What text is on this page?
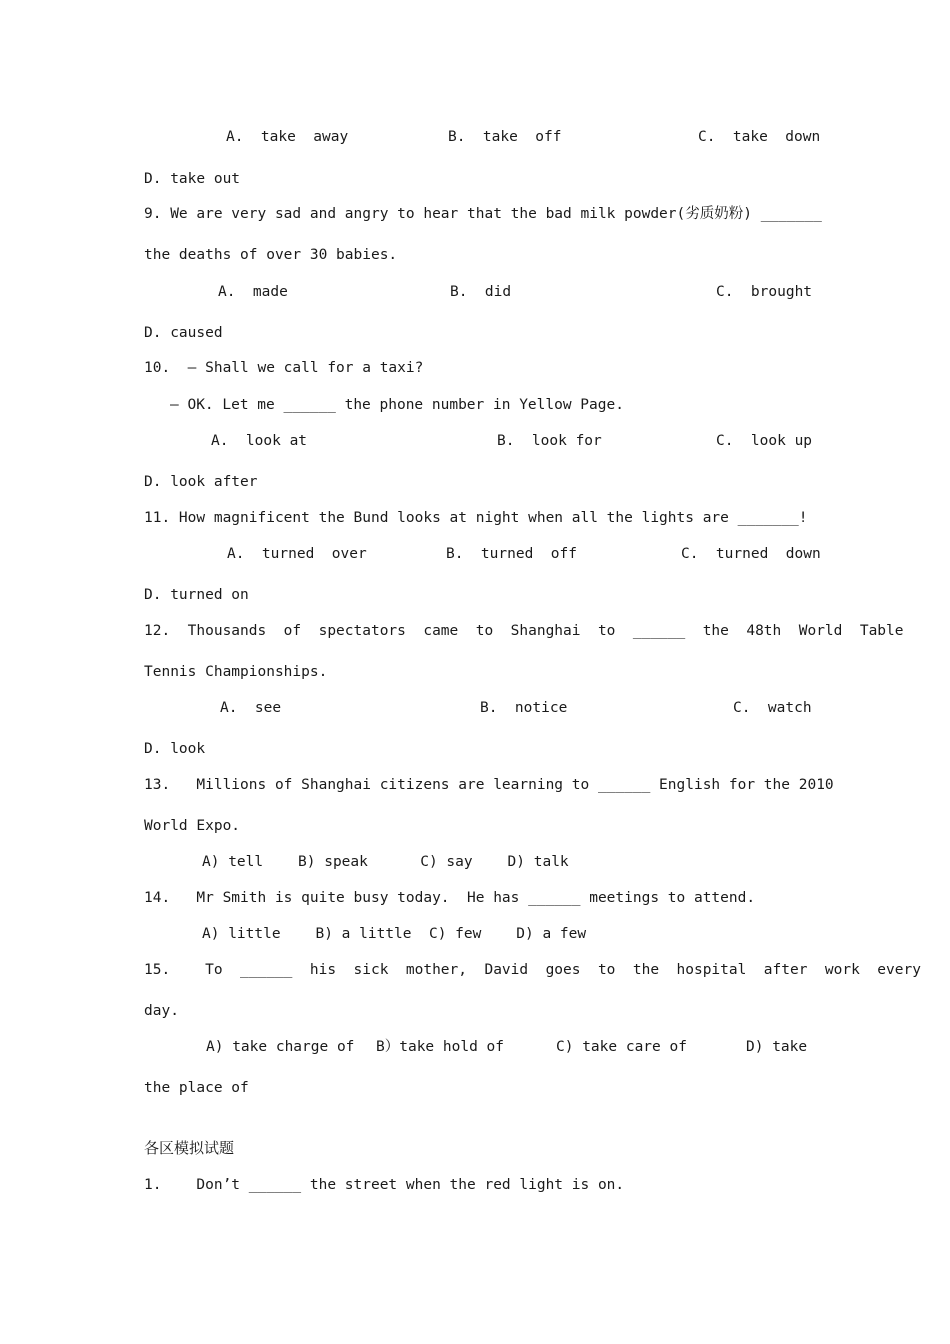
A.  take  away	B.  take  off	C.  take  down
D. take out
9. We are very sad and angry to hear that the bad milk powder(劣质奶粉) _______
the deaths of over 30 babies.
A.  made	B.  did	C.  brought
D. caused
10.  – Shall we call for a taxi?
– OK. Let me ______ the phone number in Yellow Page.
A.  look at	B.  look for	C.  look up
D. look after
11. How magnificent the Bund looks at night when all the lights are _______!
A.  turned  over	B.  turned  off	C.  turned  down
D. turned on
12.  Thousands  of  spectators  came  to  Shanghai  to  ______  the  48th  World  Table
Tennis Championships.
A.  see	B.  notice	C.  watch
D. look
13.   Millions of Shanghai citizens are learning to ______ English for the 2010
World Expo.
A) tell    B) speak      C) say    D) talk
14.   Mr Smith is quite busy today.  He has ______ meetings to attend.
A) little    B) a little  C) few    D) a few
15.    To  ______  his  sick  mother,  David  goes  to  the  hospital  after  work  every
day.
A) take charge of B）take hold of	C) take care of	D) take
the place of
各区模拟试题
1.    Don’t ______ the street when the red light is on.
